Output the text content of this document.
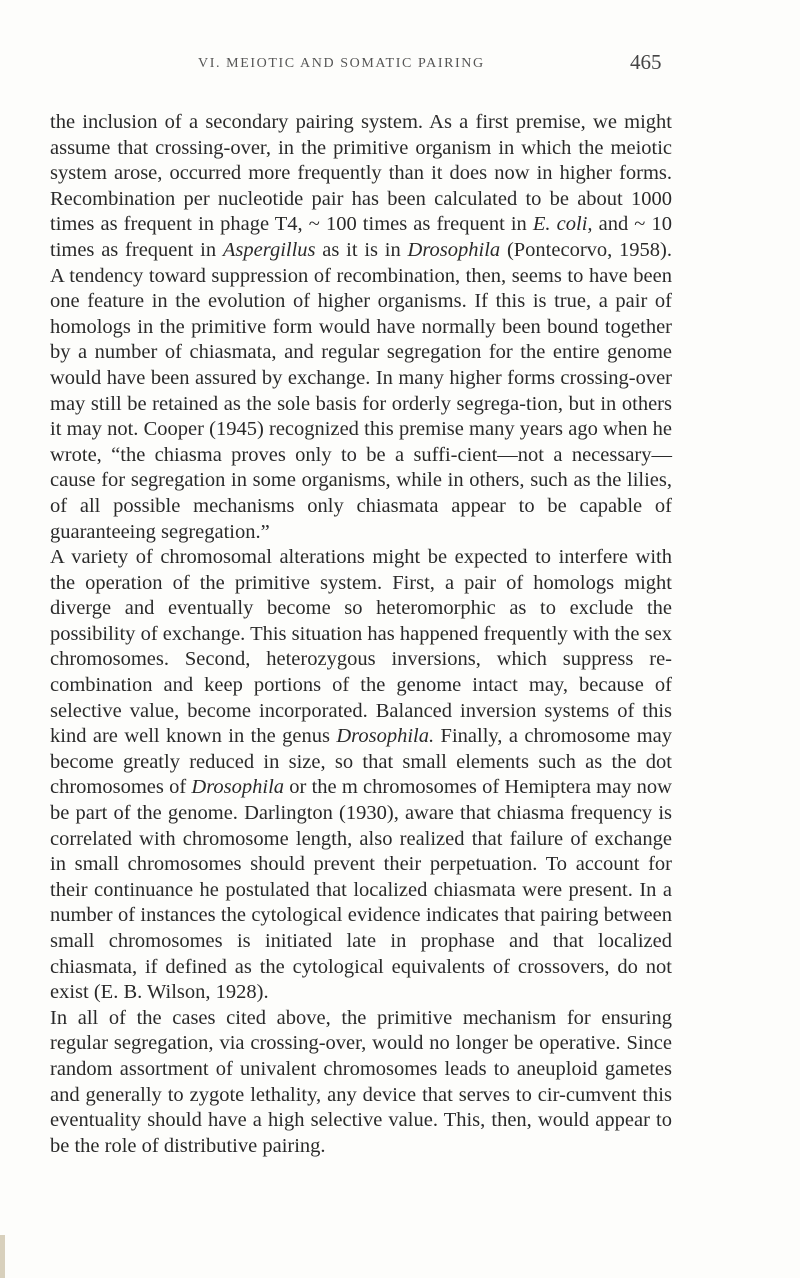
VI. MEIOTIC AND SOMATIC PAIRING	465

the inclusion of a secondary pairing system. As a first premise, we might assume that crossing-over, in the primitive organism in which the meiotic system arose, occurred more frequently than it does now in higher forms. Recombination per nucleotide pair has been calculated to be about 1000 times as frequent in phage T4, ~ 100 times as frequent in E. coli, and ~ 10 times as frequent in Aspergillus as it is in Drosophila (Pontecorvo, 1958). A tendency toward suppression of recombination, then, seems to have been one feature in the evolution of higher organisms. If this is true, a pair of homologs in the primitive form would have normally been bound together by a number of chiasmata, and regular segregation for the entire genome would have been assured by exchange. In many higher forms crossing-over may still be retained as the sole basis for orderly segrega-tion, but in others it may not. Cooper (1945) recognized this premise many years ago when he wrote, “the chiasma proves only to be a suffi-cient—not a necessary—cause for segregation in some organisms, while in others, such as the lilies, of all possible mechanisms only chiasmata appear to be capable of guaranteeing segregation.”

A variety of chromosomal alterations might be expected to interfere with the operation of the primitive system. First, a pair of homologs might diverge and eventually become so heteromorphic as to exclude the possibility of exchange. This situation has happened frequently with the sex chromosomes. Second, heterozygous inversions, which suppress re-combination and keep portions of the genome intact may, because of selective value, become incorporated. Balanced inversion systems of this kind are well known in the genus Drosophila. Finally, a chromosome may become greatly reduced in size, so that small elements such as the dot chromosomes of Drosophila or the m chromosomes of Hemiptera may now be part of the genome. Darlington (1930), aware that chiasma frequency is correlated with chromosome length, also realized that failure of exchange in small chromosomes should prevent their perpetuation. To account for their continuance he postulated that localized chiasmata were present. In a number of instances the cytological evidence indicates that pairing between small chromosomes is initiated late in prophase and that localized chiasmata, if defined as the cytological equivalents of crossovers, do not exist (E. B. Wilson, 1928).

In all of the cases cited above, the primitive mechanism for ensuring regular segregation, via crossing-over, would no longer be operative. Since random assortment of univalent chromosomes leads to aneuploid gametes and generally to zygote lethality, any device that serves to cir-cumvent this eventuality should have a high selective value. This, then, would appear to be the role of distributive pairing.
